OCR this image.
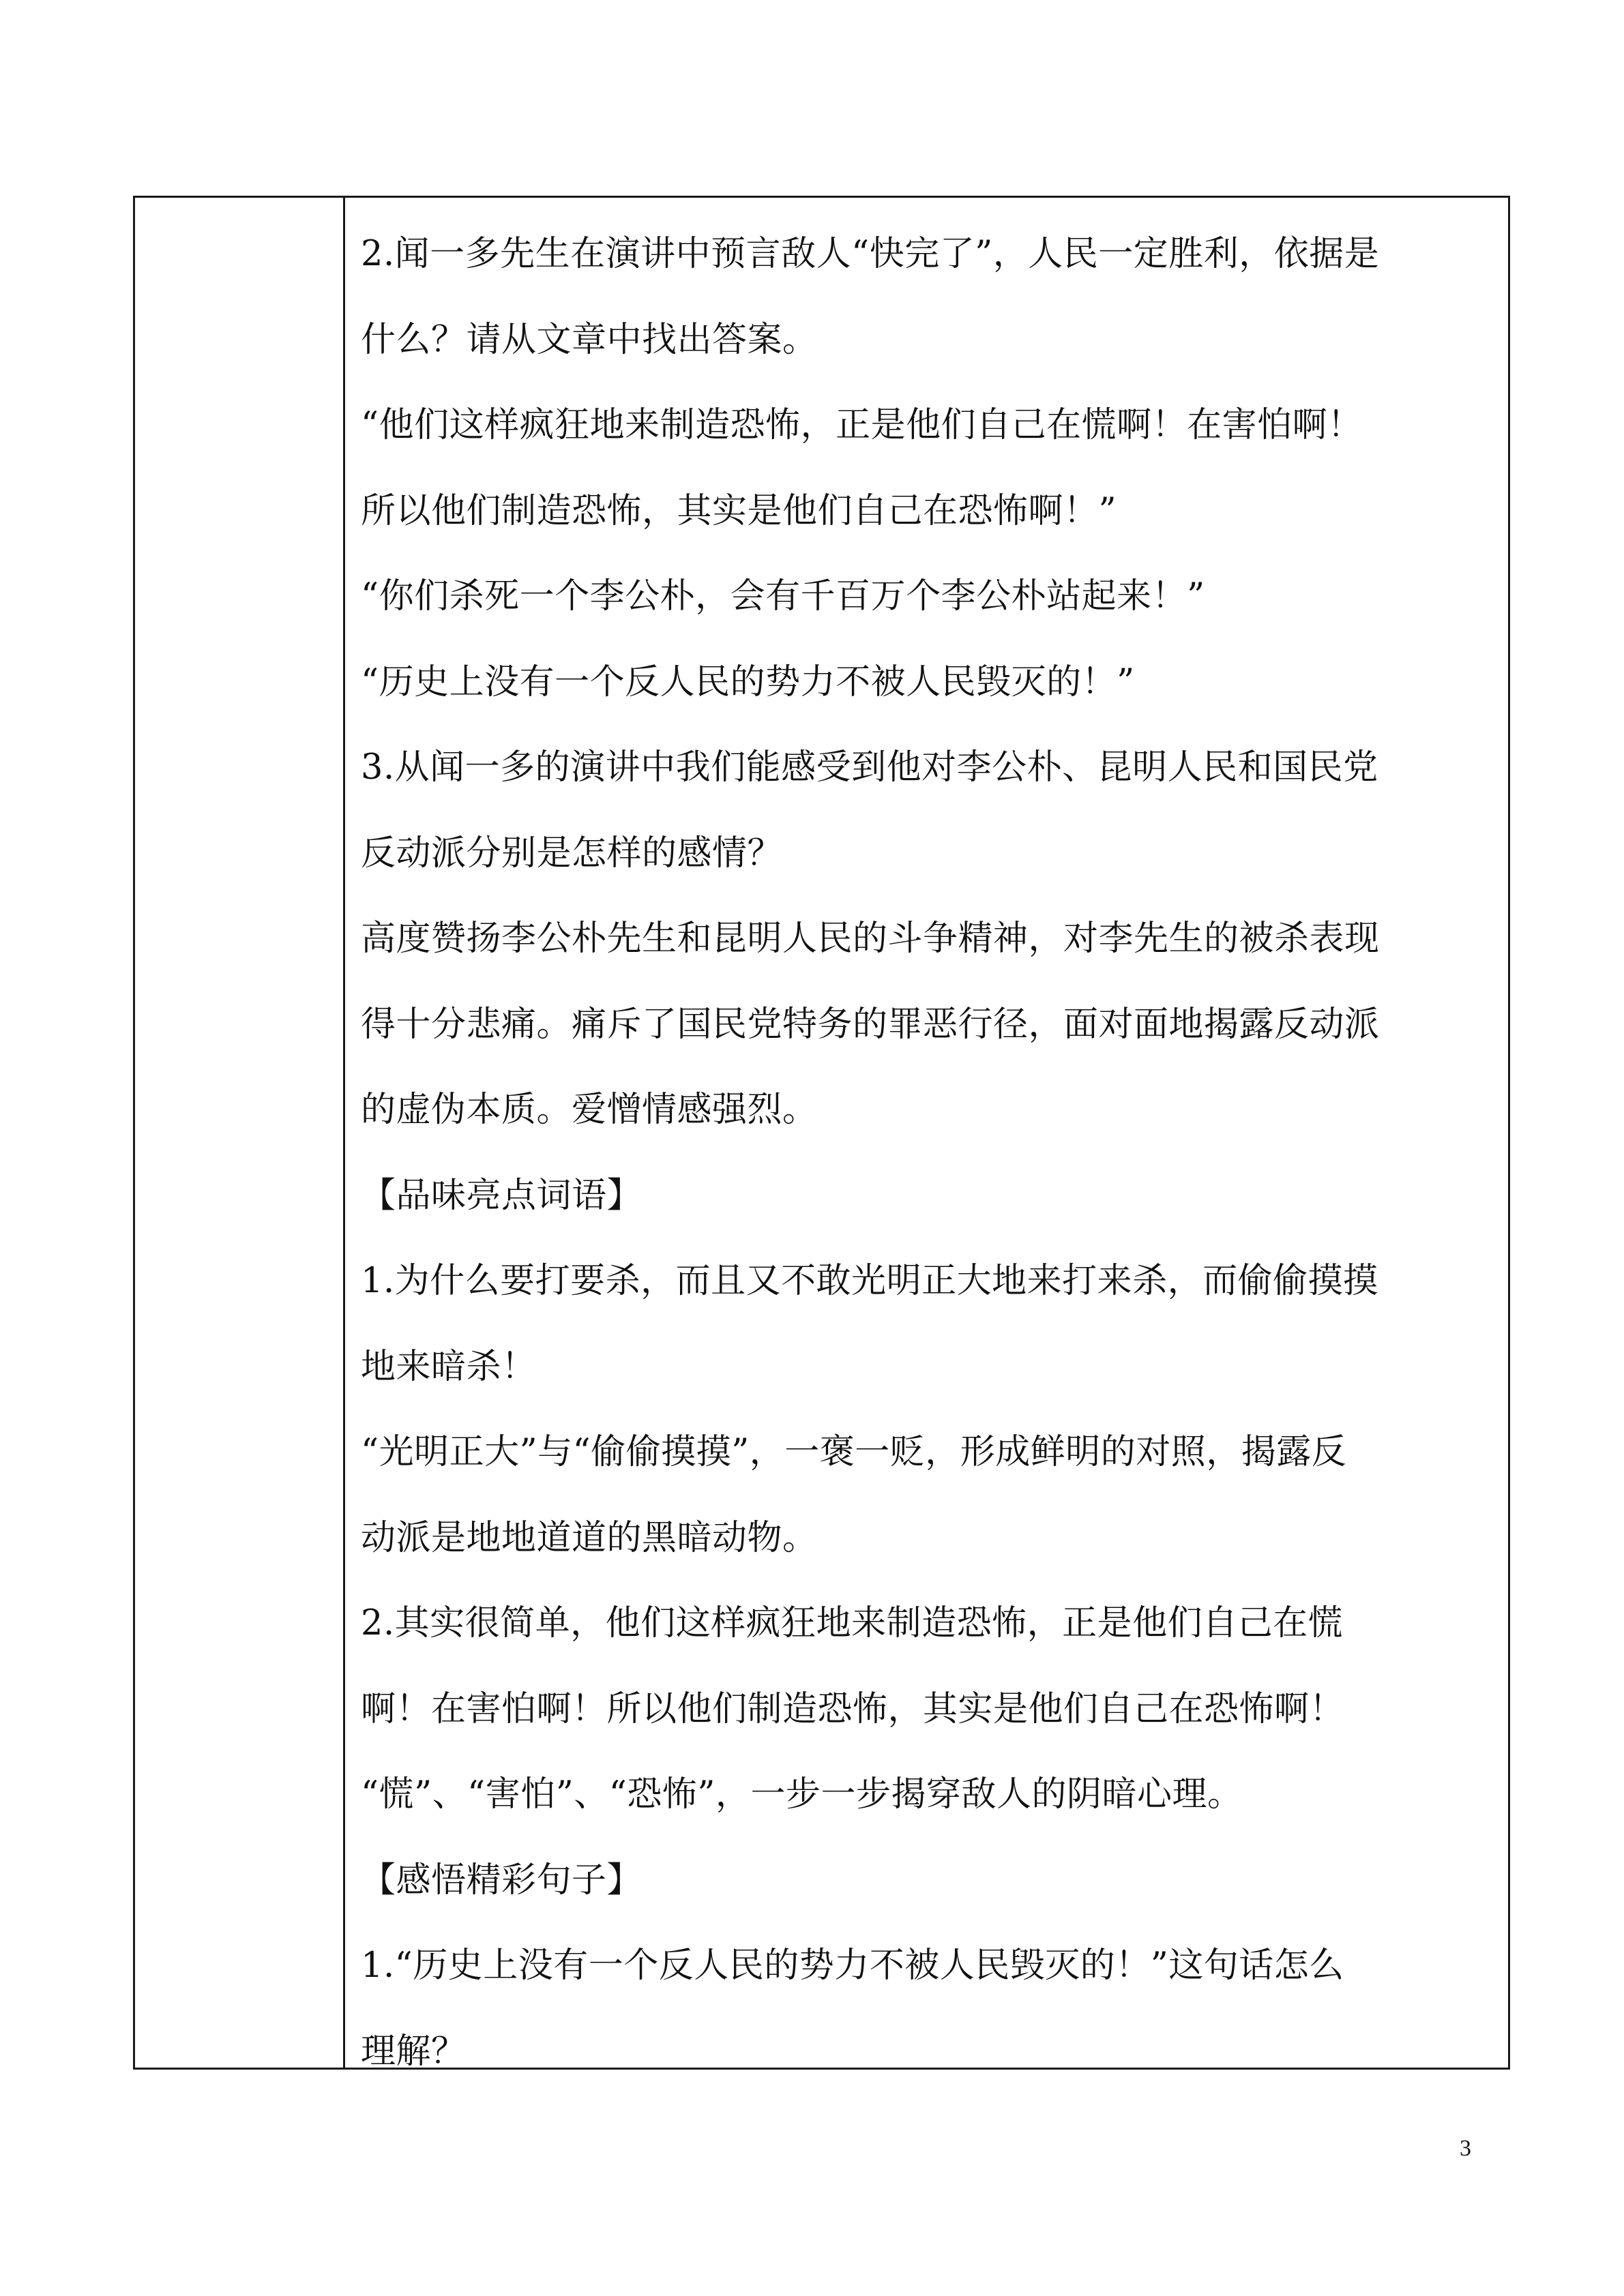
2.闻一多先生在演讲中预言敌人“快完了”，人民一定胜利，依据是
什么？请从文章中找出答案。
“他们这样疯狂地来制造恐怖，正是他们自己在慌啊！在害怕啊！
所以他们制造恐怖，其实是他们自己在恐怖啊！”
“你们杀死一个李公朴，会有千百万个李公朴站起来！”
“历史上没有一个反人民的势力不被人民毁灭的！”
3.从闻一多的演讲中我们能感受到他对李公朴、昆明人民和国民党
反动派分别是怎样的感情？
高度赞扬李公朴先生和昆明人民的斗争精神，对李先生的被杀表现
得十分悲痛。痛斥了国民党特务的罪恶行径，面对面地揭露反动派
的虚伪本质。爱憎情感强烈。
【品味亮点词语】
1.为什么要打要杀，而且又不敢光明正大地来打来杀，而偷偷摸摸
地来暗杀！
“光明正大”与“偷偷摸摸”，一褒一贬，形成鲜明的对照，揭露反
动派是地地道道的黑暗动物。
2.其实很简单，他们这样疯狂地来制造恐怖，正是他们自己在慌
啊！在害怕啊！所以他们制造恐怖，其实是他们自己在恐怖啊！
“慌”、“害怕”、“恐怖”，一步一步揭穿敌人的阴暗心理。
【感悟精彩句子】
1.“历史上没有一个反人民的势力不被人民毁灭的！”这句话怎么
理解？
3
